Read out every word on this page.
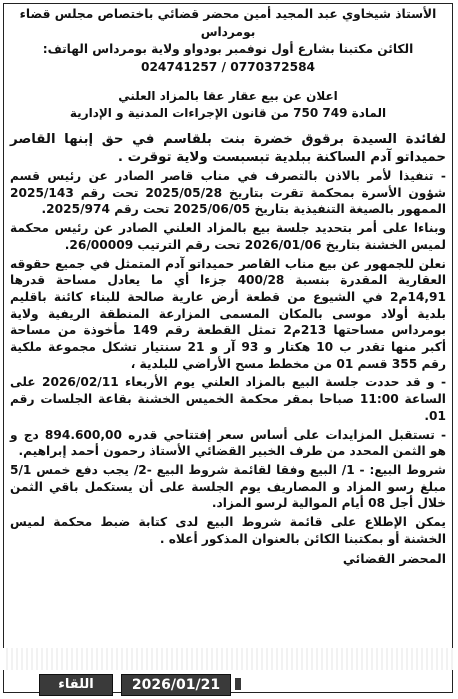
الأستاذ شيخاوي عبد المجيد أمين محضر قضائي باختصاص مجلس قضاء
بومرداس
الكائن مكتبنا بشارع أول نوفمبر بودواو ولاية بومرداس الهاتف:
024741257 / 0770372584
اعلان عن بيع عقار عقا بالمزاد العلني
المادة 749 750 من قانون الإجراءات المدنية و الإدارية

لفائدة السيدة برقوق خضرة بنت بلقاسم في حق إبنها القاصر حميداتو آدم الساكنة ببلدية تبسبست ولاية توقرت .

- تنفيذا لأمر بالاذن بالتصرف في مناب قاصر الصادر عن رئيس قسم شؤون الأسرة بمحكمة تقرت بتاريخ 2025/05/28 تحت رقم 2025/143 الممهور بالصيغة التنفيذية بتاريخ 2025/06/05 تحت رقم 2025/974.

وبناءا على أمر بتحديد جلسة بيع بالمزاد العلني الصادر عن رئيس محكمة لميس الخشنة بتاريخ 2026/01/06 تحت رقم الترتيب 26/00009.

نعلن للجمهور عن بيع مناب القاصر حميداتو آدم المتمثل في جميع حقوقه العقارية المقدرة بنسبة 400/28 جزءا أي ما يعادل مساحة قدرها 14,91م2 في الشيوع من قطعة أرض عارية صالحة للبناء كائنة باقليم بلدية أولاد موسى بالمكان المسمى المزارعة المنطقة الريفية ولاية بومرداس مساحتها 213م2 تمثل القطعة رقم 149 مأخوذة من مساحة أكبر منها تقدر ب 10 هكتار و 93 آر و 21 سنتيار تشكل مجموعة ملكية رقم 355 قسم 01 من مخطط مسح الأراضي للبلدية ،

- و قد حددت جلسة البيع بالمزاد العلني يوم الأربعاء 2026/02/11 على الساعة 11:00 صباحا بمقر محكمة الخميس الخشنة بقاعة الجلسات رقم 01.

- تستقبل المزايدات على أساس سعر إفتتاحي قدره 894.600,00 دج و هو الثمن المحدد من طرف الخبير القضائي الأستاذ رحمون أحمد إبراهيم.

شروط البيع: - 1/ البيع وفقا لقائمة شروط البيع -2/ يجب دفع خمس 5/1 مبلغ رسو المزاد و المصاريف يوم الجلسة على أن يستكمل باقي الثمن خلال أجل 08 أيام الموالية لرسو المزاد.

يمكن الإطلاع على قائمة شروط البيع لدى كتابة ضبط محكمة لميس الخشنة أو بمكتبنا الكائن بالعنوان المذكور أعلاه .

المحضر القضائي
2026/01/21
اللقاء
